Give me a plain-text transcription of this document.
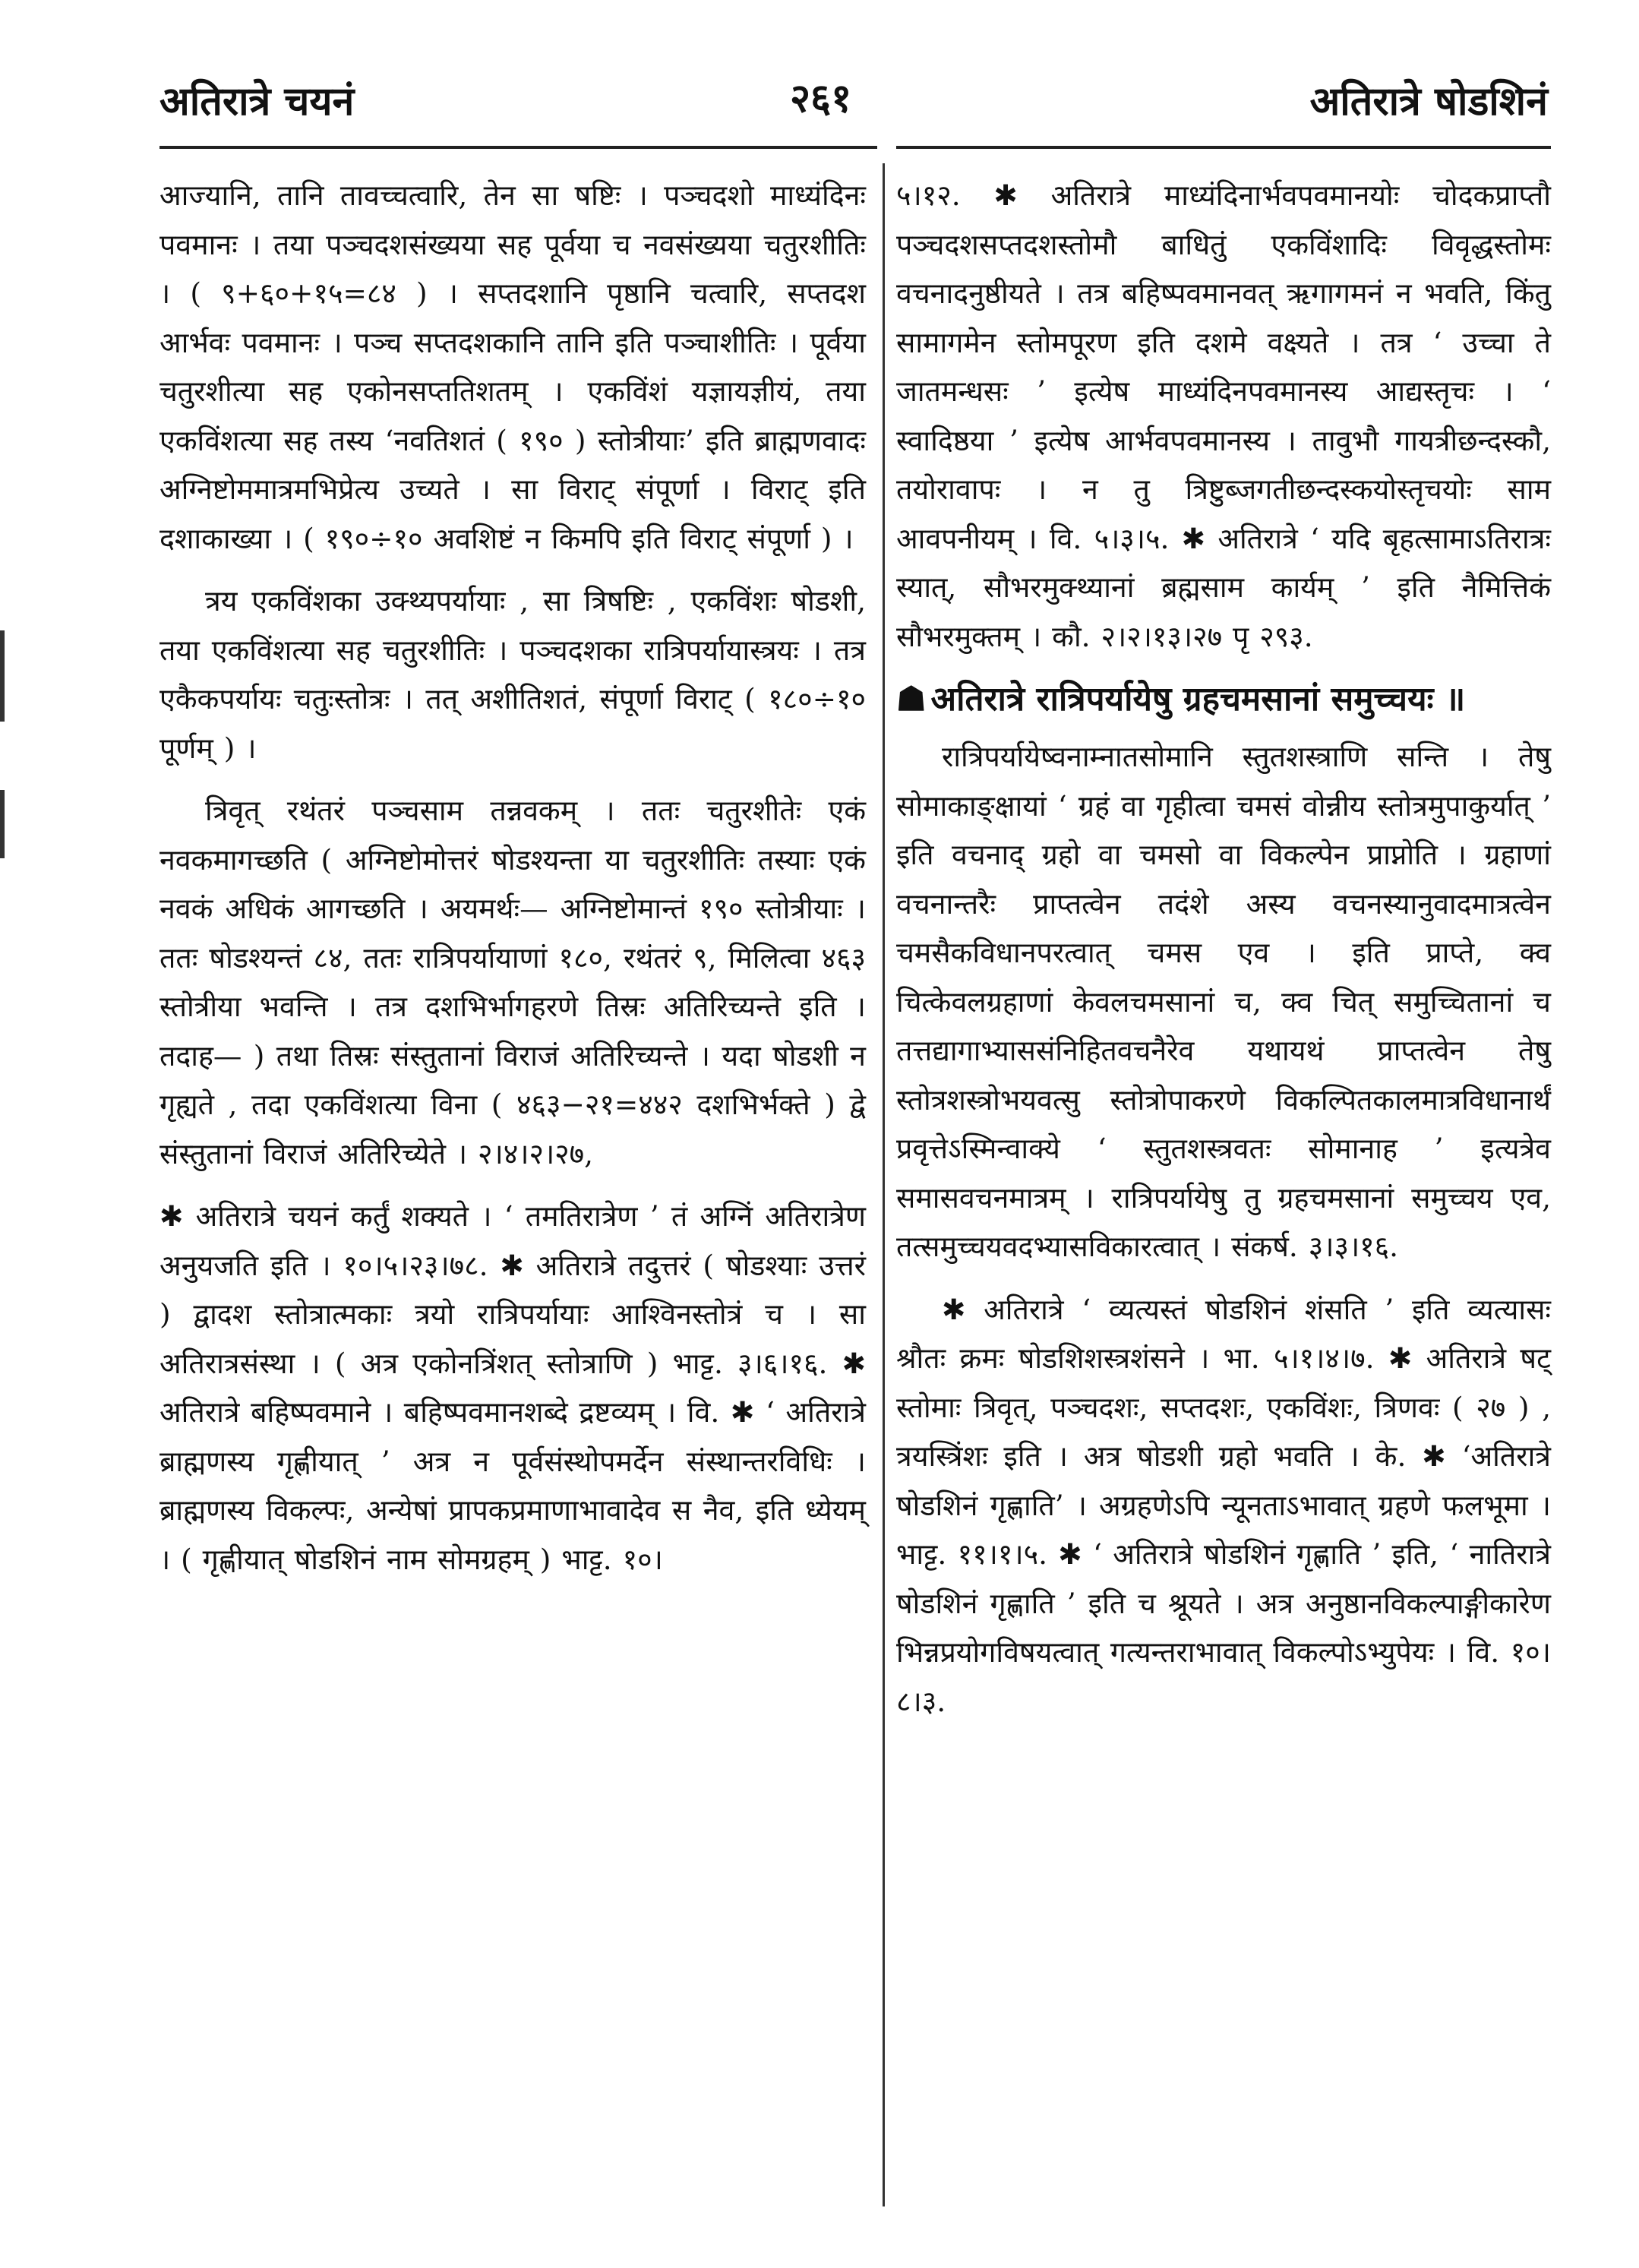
अतिरात्रे चयनं	२६१	अतिरात्रे षोडशिनं

आज्यानि, तानि तावच्चत्वारि, तेन सा षष्टिः । पञ्चदशो माध्यंदिनः पवमानः । तया पञ्चदशसंख्यया सह पूर्वया च नवसंख्यया चतुरशीतिः । ( ९+६०+१५=८४ ) । सप्तदशानि पृष्ठानि चत्वारि, सप्तदश आर्भवः पवमानः । पञ्च सप्तदशकानि तानि इति पञ्चाशीतिः । पूर्वया चतुरशीत्या सह एकोनसप्ततिशतम् । एकविंशं यज्ञायज्ञीयं, तया एकविंशत्या सह तस्य ‘नवतिशतं ( १९० ) स्तोत्रीयाः’ इति ब्राह्मणवादः अग्निष्टोममात्रमभिप्रेत्य उच्यते । सा विराट् संपूर्णा । विराट् इति दशाकाख्या । ( १९०÷१० अवशिष्टं न किमपि इति विराट् संपूर्णा ) ।

त्रय एकविंशका उक्थ्यपर्यायाः , सा त्रिषष्टिः , एकविंशः षोडशी, तया एकविंशत्या सह चतुरशीतिः । पञ्चदशका रात्रिपर्यायास्त्रयः । तत्र एकैकपर्यायः चतुःस्तोत्रः । तत् अशीतिशतं, संपूर्णा विराट् ( १८०÷१० पूर्णम् ) ।

त्रिवृत् रथंतरं पञ्चसाम तन्नवकम् । ततः चतुरशीतेः एकं नवकमागच्छति ( अग्निष्टोमोत्तरं षोडश्यन्ता या चतुरशीतिः तस्याः एकं नवकं अधिकं आगच्छति । अयमर्थः— अग्निष्टोमान्तं १९० स्तोत्रीयाः । ततः षोडश्यन्तं ८४, ततः रात्रिपर्यायाणां १८०, रथंतरं ९, मिलित्वा ४६३ स्तोत्रीया भवन्ति । तत्र दशभिर्भागहरणे तिस्रः अतिरिच्यन्ते इति । तदाह— ) तथा तिस्रः संस्तुतानां विराजं अतिरिच्यन्ते । यदा षोडशी न गृह्यते , तदा एकविंशत्या विना ( ४६३−२१=४४२ दशभिर्भक्ते ) द्वे संस्तुतानां विराजं अतिरिच्येते । २।४।२।२७,

✱ अतिरात्रे चयनं कर्तुं शक्यते । ‘ तमतिरात्रेण ’ तं अग्निं अतिरात्रेण अनुयजति इति । १०।५।२३।७८. ✱ अतिरात्रे तदुत्तरं ( षोडश्याः उत्तरं ) द्वादश स्तोत्रात्मकाः त्रयो रात्रिपर्यायाः आश्विनस्तोत्रं च । सा अतिरात्रसंस्था । ( अत्र एकोनत्रिंशत् स्तोत्राणि ) भाट्ट. ३।६।१६. ✱ अतिरात्रे बहिष्पवमाने । बहिष्पवमानशब्दे द्रष्टव्यम् । वि. ✱ ‘ अतिरात्रे ब्राह्मणस्य गृह्णीयात् ’ अत्र न पूर्वसंस्थोपमर्देन संस्थान्तरविधिः । ब्राह्मणस्य विकल्पः, अन्येषां प्रापकप्रमाणाभावादेव स नैव, इति ध्येयम् । ( गृह्णीयात् षोडशिनं नाम सोमग्रहम् ) भाट्ट. १०।

५।१२. ✱ अतिरात्रे माध्यंदिनार्भवपवमानयोः चोदकप्राप्तौ पञ्चदशसप्तदशस्तोमौ बाधितुं एकविंशादिः विवृद्धस्तोमः वचनादनुष्ठीयते । तत्र बहिष्पवमानवत् ऋगागमनं न भवति, किंतु सामागमेन स्तोमपूरण इति दशमे वक्ष्यते । तत्र ‘ उच्चा ते जातमन्धसः ’ इत्येष माध्यंदिनपवमानस्य आद्यस्तृचः । ‘ स्वादिष्ठया ’ इत्येष आर्भवपवमानस्य । तावुभौ गायत्रीछन्दस्कौ, तयोरावापः । न तु त्रिष्टुब्जगतीछन्दस्कयोस्तृचयोः साम आवपनीयम् । वि. ५।३।५. ✱ अतिरात्रे ‘ यदि बृहत्सामाऽतिरात्रः स्यात्, सौभरमुक्थ्यानां ब्रह्मसाम कार्यम् ’ इति नैमित्तिकं सौभरमुक्तम् । कौ. २।२।१३।२७ पृ २९३.

☗ अतिरात्रे रात्रिपर्यायेषु ग्रहचमसानां समुच्चयः ॥

रात्रिपर्यायेष्वनाम्नातसोमानि स्तुतशस्त्राणि सन्ति । तेषु सोमाकाङ्क्षायां ‘ ग्रहं वा गृहीत्वा चमसं वोन्नीय स्तोत्रमुपाकुर्यात् ’ इति वचनाद् ग्रहो वा चमसो वा विकल्पेन प्राप्नोति । ग्रहाणां वचनान्तरैः प्राप्तत्वेन तदंशे अस्य वचनस्यानुवादमात्रत्वेन चमसैकविधानपरत्वात् चमस एव । इति प्राप्ते, क्व चित्केवलग्रहाणां केवलचमसानां च, क्व चित् समुच्चितानां च तत्तद्यागाभ्याससंनिहितवचनैरेव यथायथं प्राप्तत्वेन तेषु स्तोत्रशस्त्रोभयवत्सु स्तोत्रोपाकरणे विकल्पितकालमात्रविधानार्थं प्रवृत्तेऽस्मिन्वाक्ये ‘ स्तुतशस्त्रवतः सोमानाह ’ इत्यत्रेव समासवचनमात्रम् । रात्रिपर्यायेषु तु ग्रहचमसानां समुच्चय एव, तत्समुच्चयवदभ्यासविकारत्वात् । संकर्ष. ३।३।१६.

✱ अतिरात्रे ‘ व्यत्यस्तं षोडशिनं शंसति ’ इति व्यत्यासः श्रौतः क्रमः षोडशिशस्त्रशंसने । भा. ५।१।४।७. ✱ अतिरात्रे षट् स्तोमाः त्रिवृत्, पञ्चदशः, सप्तदशः, एकविंशः, त्रिणवः ( २७ ) , त्रयस्त्रिंशः इति । अत्र षोडशी ग्रहो भवति । के. ✱ ‘अतिरात्रे षोडशिनं गृह्णाति’ । अग्रहणेऽपि न्यूनताऽभावात् ग्रहणे फलभूमा । भाट्ट. ११।१।५. ✱ ‘ अतिरात्रे षोडशिनं गृह्णाति ’ इति, ‘ नातिरात्रे षोडशिनं गृह्णाति ’ इति च श्रूयते । अत्र अनुष्ठानविकल्पाङ्गीकारेण भिन्नप्रयोगविषयत्वात् गत्यन्तराभावात् विकल्पोऽभ्युपेयः । वि. १०।८।३.
